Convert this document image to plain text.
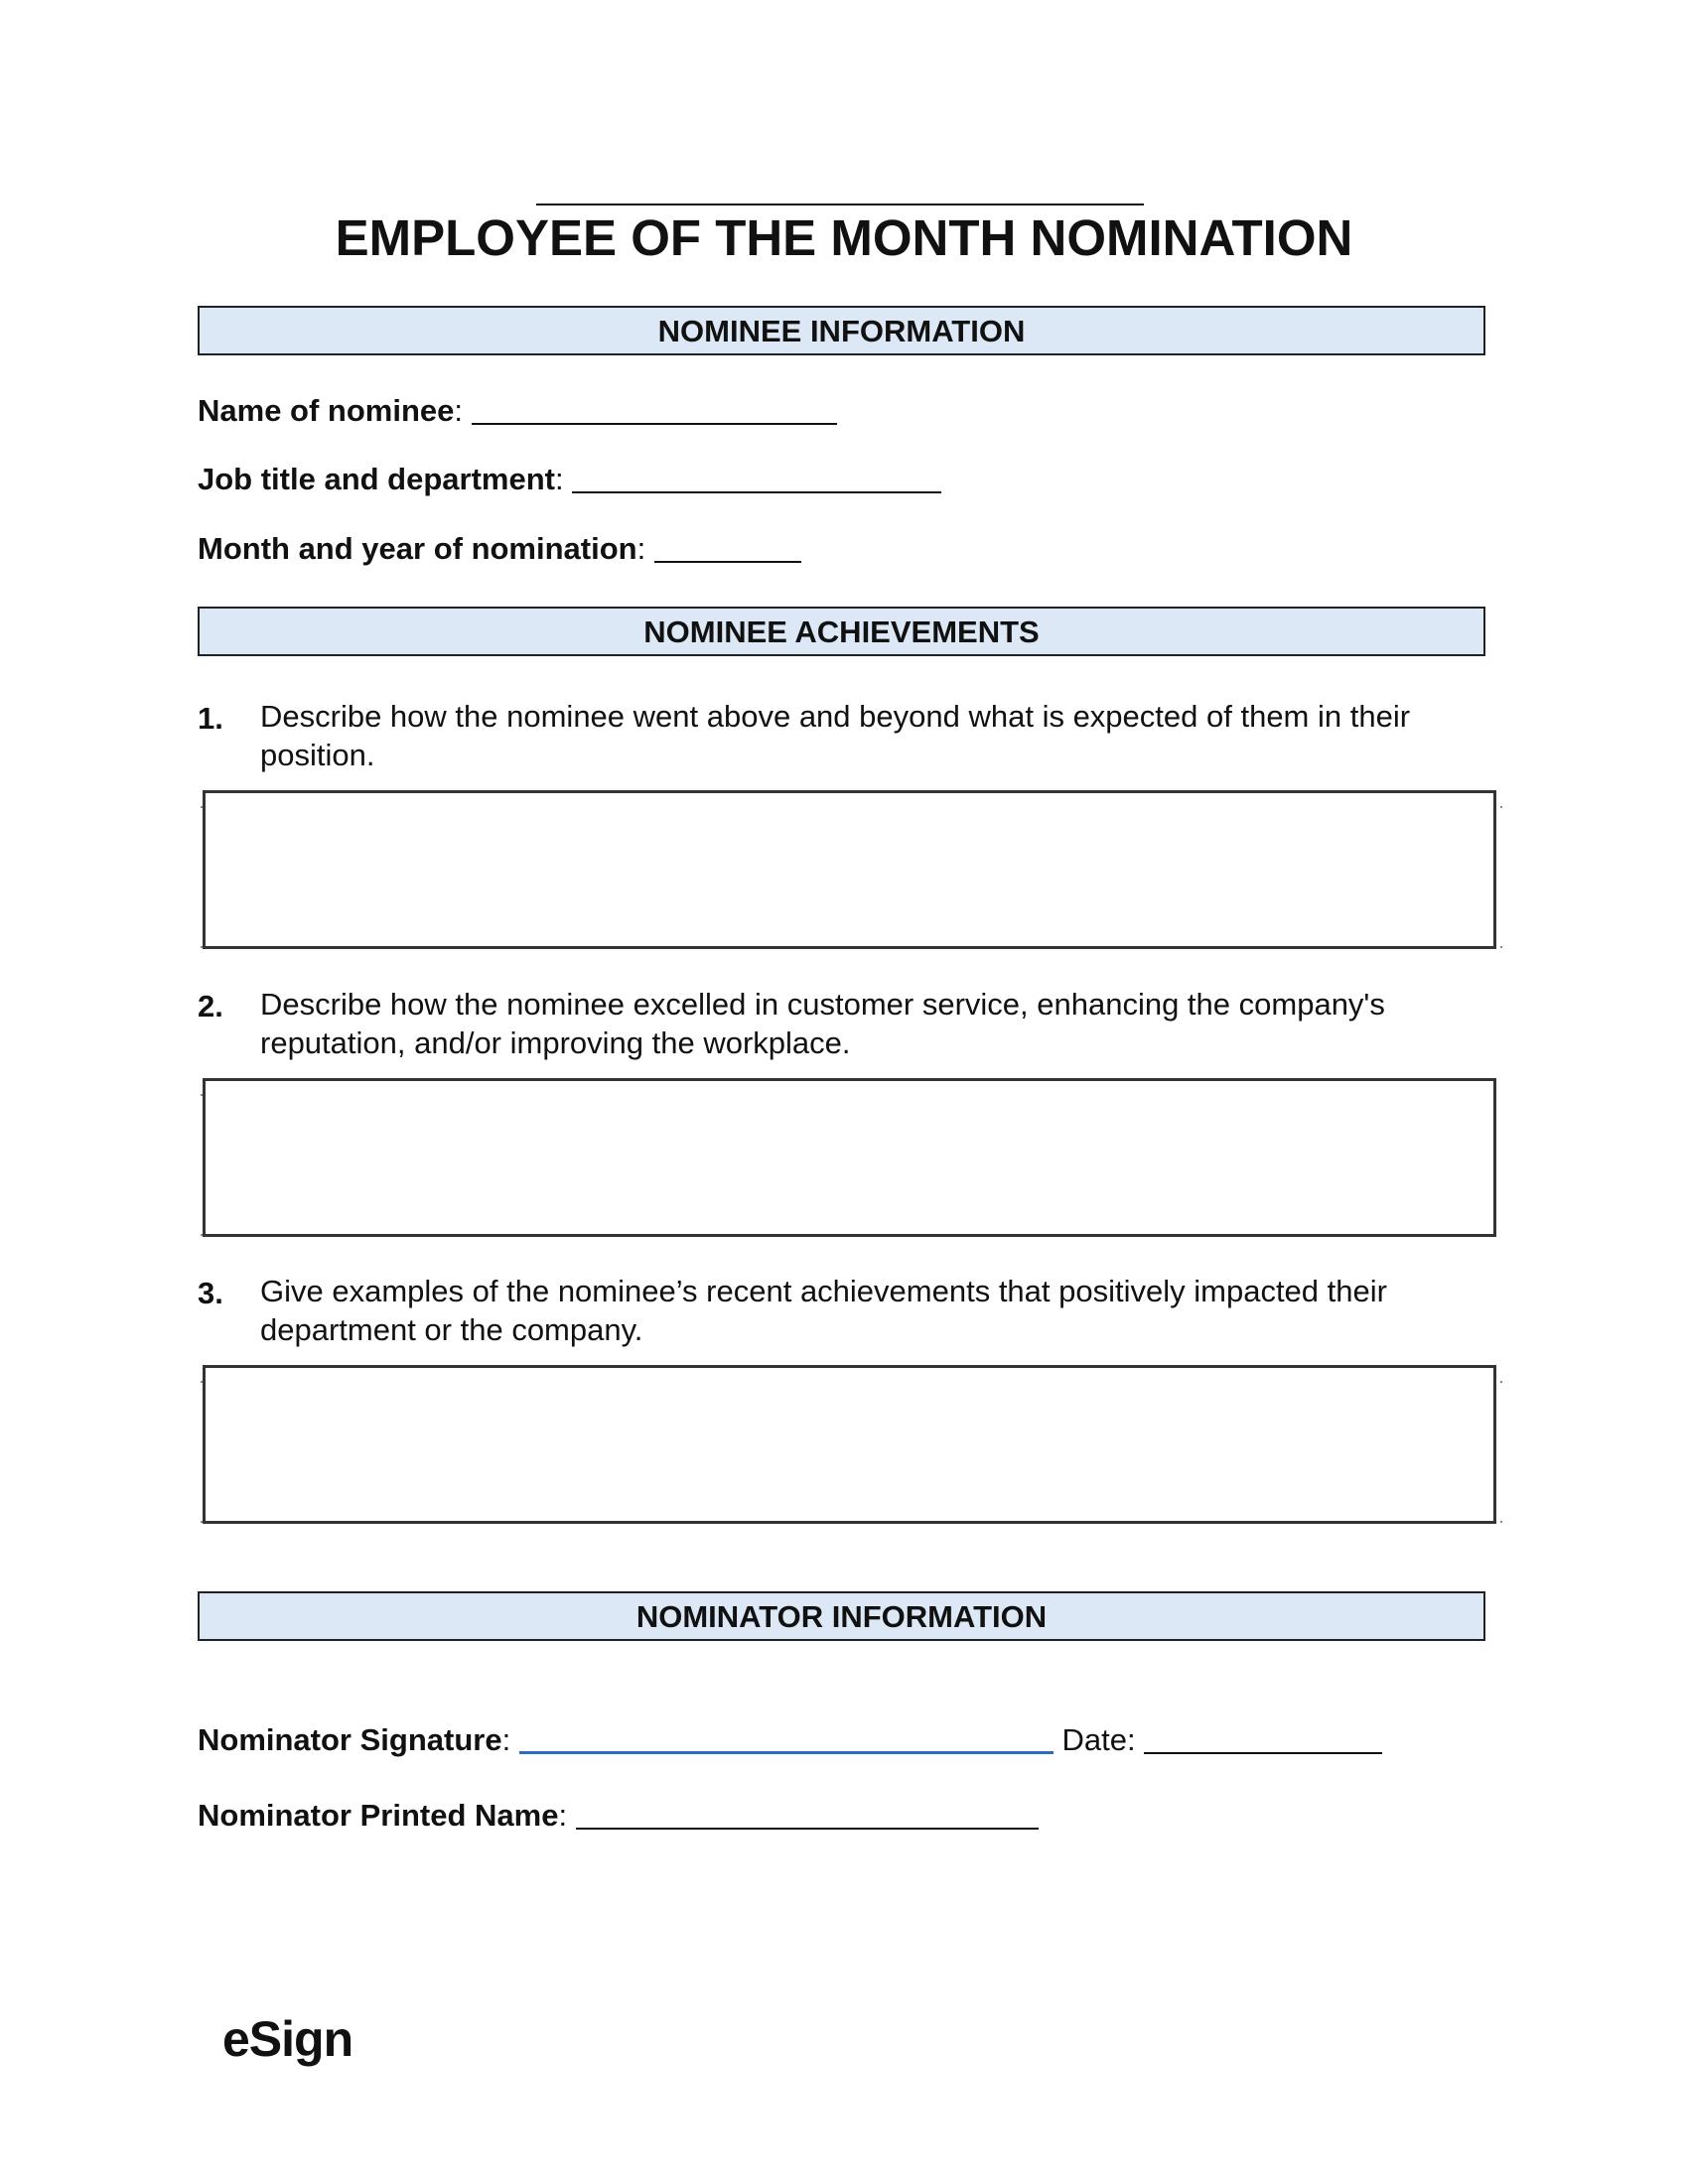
EMPLOYEE OF THE MONTH NOMINATION
NOMINEE INFORMATION
Name of nominee:
Job title and department:
Month and year of nomination:
NOMINEE ACHIEVEMENTS
1. Describe how the nominee went above and beyond what is expected of them in their position.
2. Describe how the nominee excelled in customer service, enhancing the company's reputation, and/or improving the workplace.
3. Give examples of the nominee’s recent achievements that positively impacted their department or the company.
NOMINATOR INFORMATION
Nominator Signature:	Date:
Nominator Printed Name:
eSign
